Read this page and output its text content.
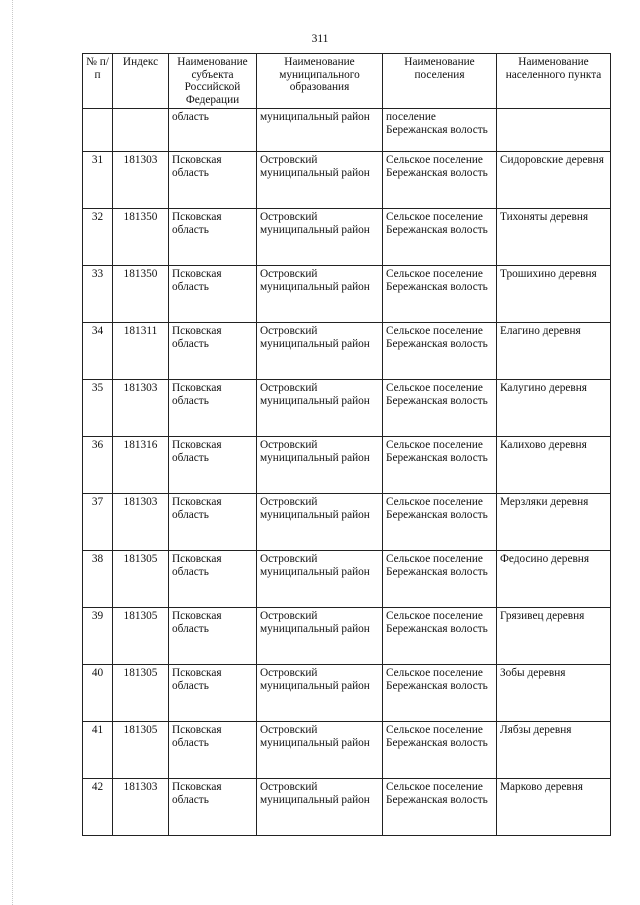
311
№ п/п	Индекс	Наименование субъекта Российской Федерации	Наименование муниципального образования	Наименование поселения	Наименование населенного пункта
		область	муниципальный район	поселение Бережанская волость	
31	181303	Псковская область	Островский муниципальный район	Сельское поселение Бережанская волость	Сидоровские деревня
32	181350	Псковская область	Островский муниципальный район	Сельское поселение Бережанская волость	Тихоняты деревня
33	181350	Псковская область	Островский муниципальный район	Сельское поселение Бережанская волость	Трошихино деревня
34	181311	Псковская область	Островский муниципальный район	Сельское поселение Бережанская волость	Елагино деревня
35	181303	Псковская область	Островский муниципальный район	Сельское поселение Бережанская волость	Калугино деревня
36	181316	Псковская область	Островский муниципальный район	Сельское поселение Бережанская волость	Калихово деревня
37	181303	Псковская область	Островский муниципальный район	Сельское поселение Бережанская волость	Мерзляки деревня
38	181305	Псковская область	Островский муниципальный район	Сельское поселение Бережанская волость	Федосино деревня
39	181305	Псковская область	Островский муниципальный район	Сельское поселение Бережанская волость	Грязивец деревня
40	181305	Псковская область	Островский муниципальный район	Сельское поселение Бережанская волость	Зобы деревня
41	181305	Псковская область	Островский муниципальный район	Сельское поселение Бережанская волость	Лябзы деревня
42	181303	Псковская область	Островский муниципальный район	Сельское поселение Бережанская волость	Марково деревня
